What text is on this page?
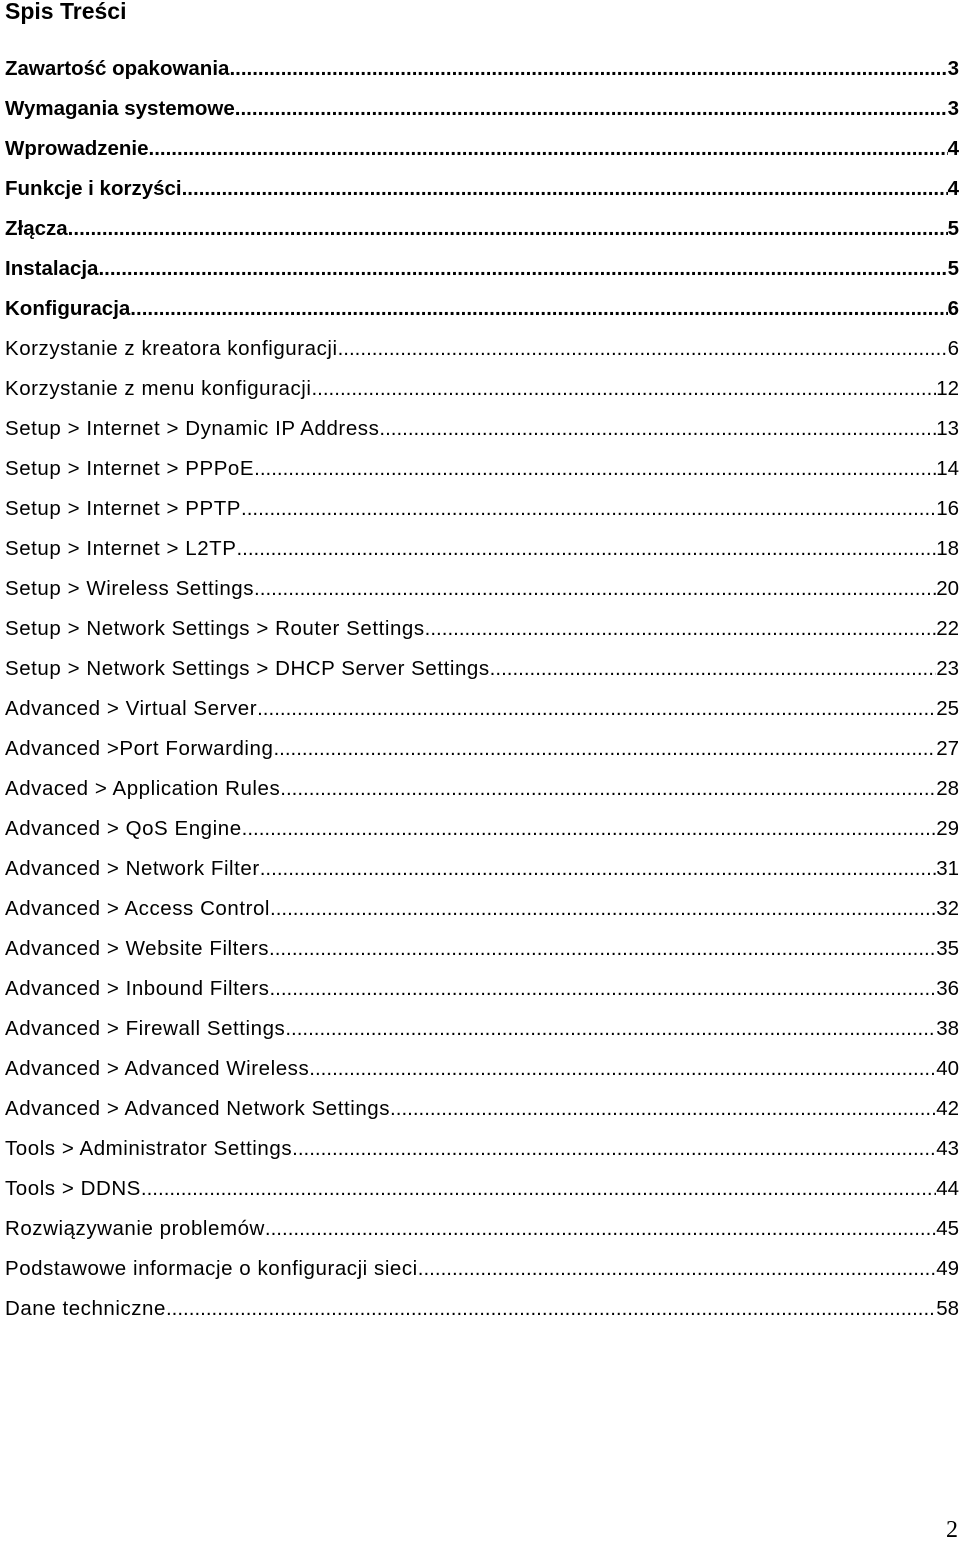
Spis Treści
Zawartość opakowania .....	3
Wymagania systemowe .....	3
Wprowadzenie .....	4
Funkcje i korzyści .....	4
Złącza .....	5
Instalacja .....	5
Konfiguracja .....	6
Korzystanie z kreatora konfiguracji .....	6
Korzystanie z menu konfiguracji .....	12
Setup > Internet > Dynamic IP Address .....	13
Setup > Internet > PPPoE .....	14
Setup > Internet > PPTP .....	16
Setup > Internet > L2TP .....	18
Setup > Wireless Settings .....	20
Setup > Network Settings > Router Settings .....	22
Setup > Network Settings > DHCP Server Settings .....	23
Advanced > Virtual Server .....	25
Advanced >Port Forwarding .....	27
Advaced > Application Rules .....	28
Advanced > QoS Engine .....	29
Advanced > Network Filter .....	31
Advanced > Access Control .....	32
Advanced > Website Filters .....	35
Advanced > Inbound Filters .....	36
Advanced > Firewall Settings .....	38
Advanced > Advanced Wireless .....	40
Advanced > Advanced Network Settings .....	42
Tools > Administrator Settings .....	43
Tools > DDNS .....	44
Rozwiązywanie problemów .....	45
Podstawowe informacje o konfiguracji sieci .....	49
Dane techniczne .....	58
2
